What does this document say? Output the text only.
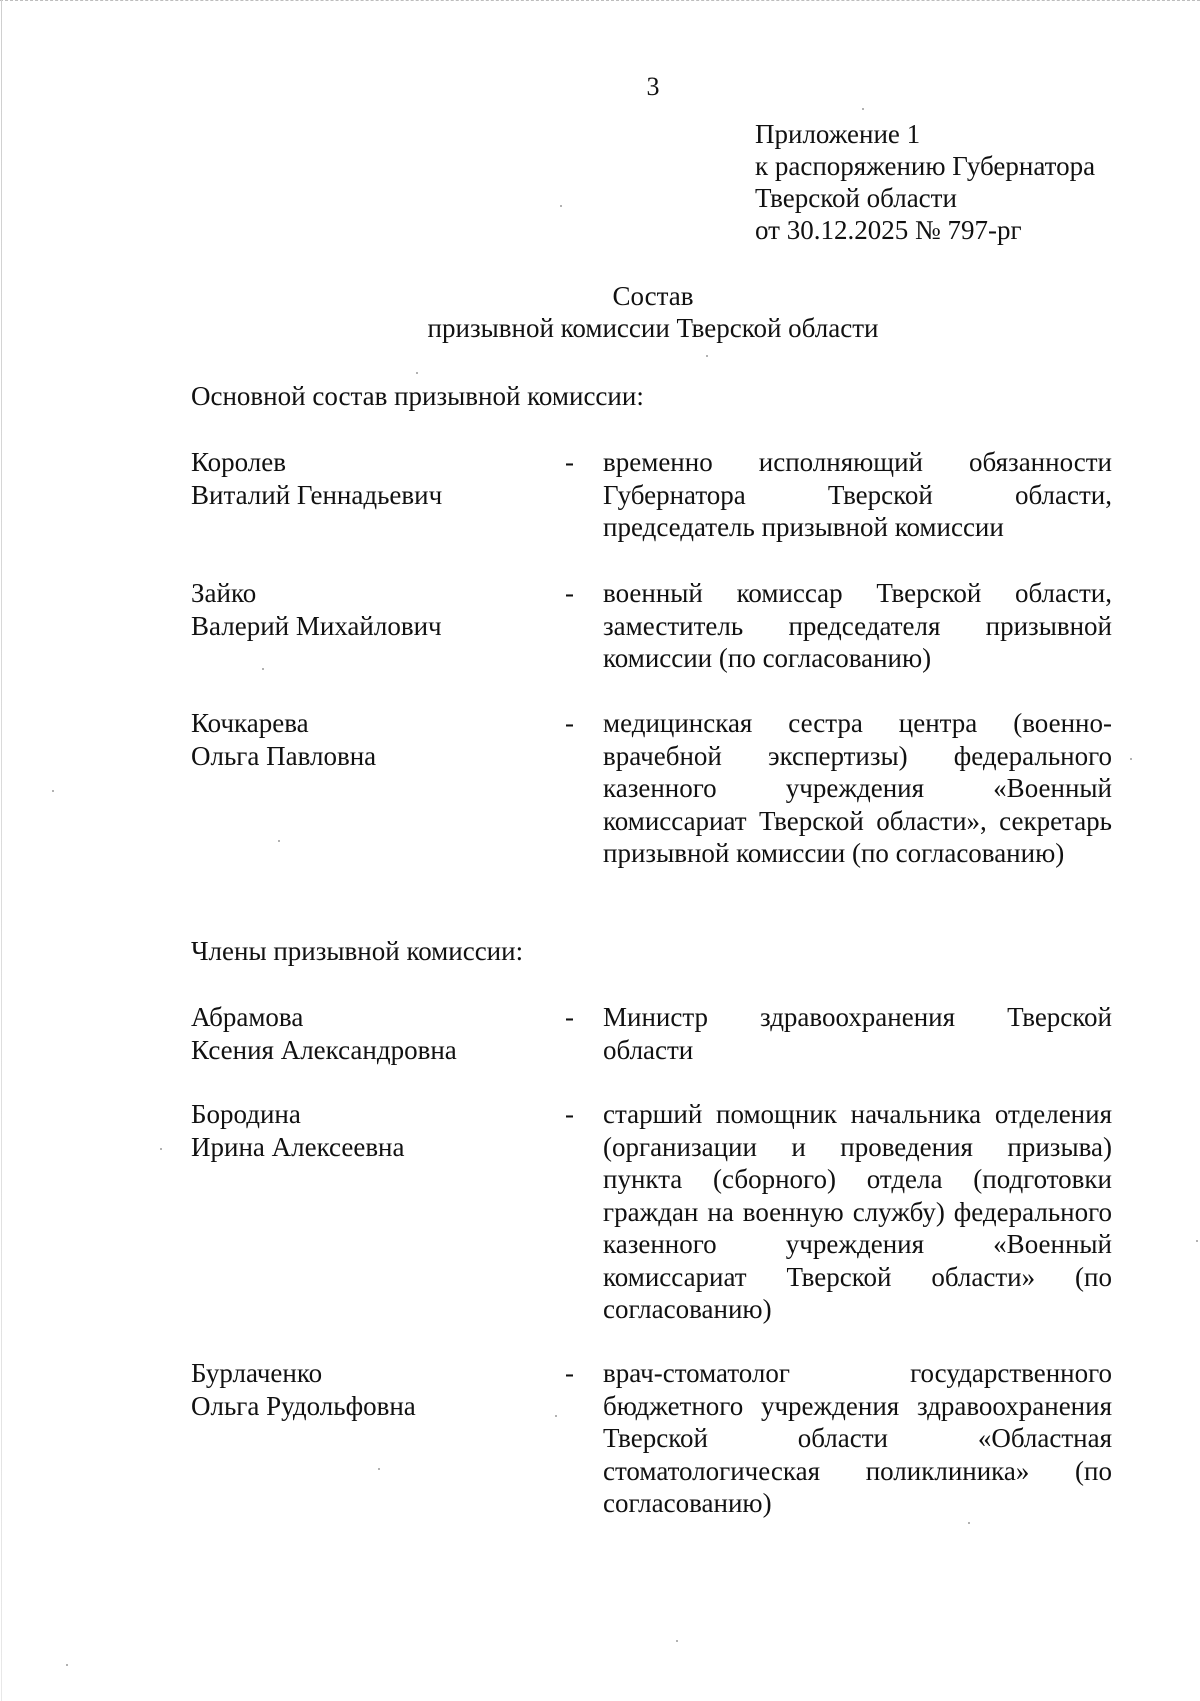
3
Приложение 1
к распоряжению Губернатора
Тверской области
от 30.12.2025 № 797-рг
Состав
призывной комиссии Тверской области
Основной состав призывной комиссии:
Королев
Виталий Геннадьевич
- временно исполняющий обязанности Губернатора Тверской области, председатель призывной комиссии
Зайко
Валерий Михайлович
- военный комиссар Тверской области, заместитель председателя призывной комиссии (по согласованию)
Кочкарева
Ольга Павловна
- медицинская сестра центра (военно-врачебной экспертизы) федерального казенного учреждения «Военный комиссариат Тверской области», секретарь призывной комиссии (по согласованию)
Члены призывной комиссии:
Абрамова
Ксения Александровна
- Министр здравоохранения Тверской области
Бородина
Ирина Алексеевна
- старший помощник начальника отделения (организации и проведения призыва) пункта (сборного) отдела (подготовки граждан на военную службу) федерального казенного учреждения «Военный комиссариат Тверской области» (по согласованию)
Бурлаченко
Ольга Рудольфовна
- врач-стоматолог государственного бюджетного учреждения здравоохранения Тверской области «Областная стоматологическая поликлиника» (по согласованию)
